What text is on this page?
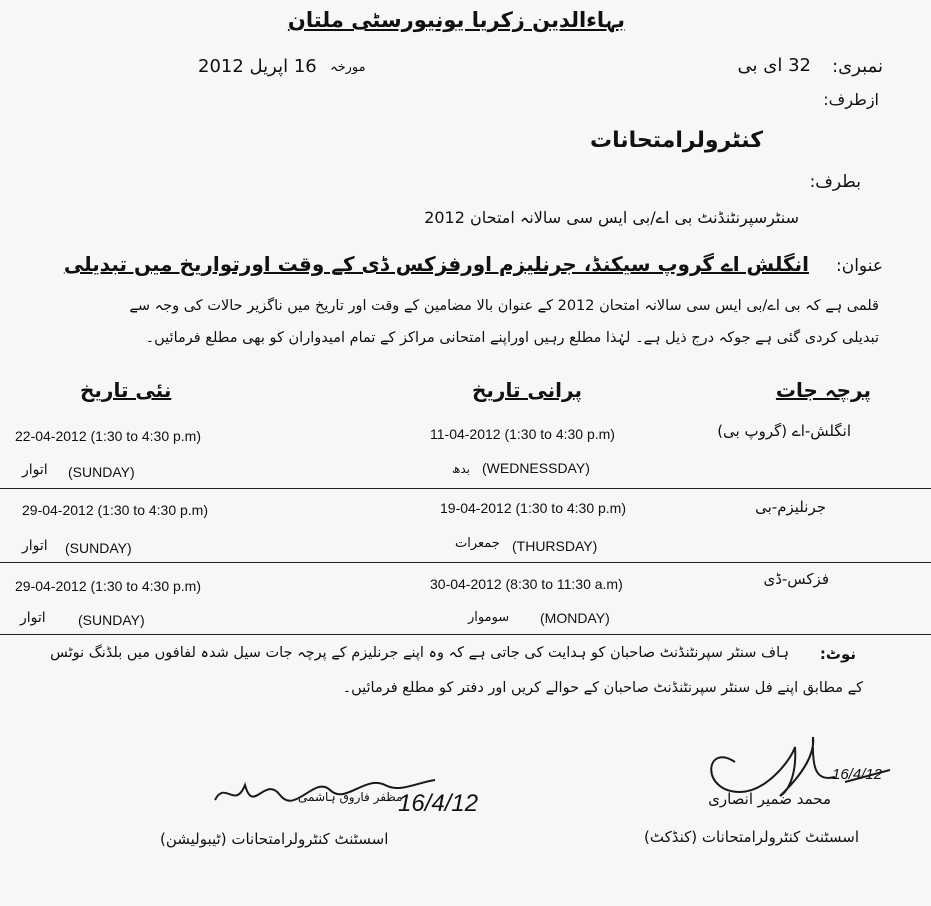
بہاءالدین زکریا یونیورسٹی ملتان
نمبری:
32 ای بی
مورخہ
16 اپریل 2012
ازطرف:
کنٹرولرامتحانات
بطرف:
سنٹرسپرنٹنڈنٹ بی اے/بی ایس سی سالانہ امتحان 2012
عنوان:
انگلش اے گروپ سیکنڈ، جرنلیزم اورفزکس ڈی کے وقت اورتواریخ میں تبدیلی
قلمی ہے کہ بی اے/بی ایس سی سالانہ امتحان 2012 کے عنوان بالا مضامین کے وقت اور تاریخ میں ناگزیر حالات کی وجہ سے
تبدیلی کردی گئی ہے جوکہ درج ذیل ہے۔ لہٰذا مطلع رہیں اوراپنے امتحانی مراکز کے تمام امیدواران کو بھی مطلع فرمائیں۔
پرچہ جات
پرانی تاریخ
نئی تاریخ
انگلش-اے (گروپ بی)
11-04-2012 (1:30 to 4:30 p.m)
22-04-2012 (1:30 to 4:30 p.m)
بدھ (WEDNESSDAY)
(SUNDAY)
اتوار
جرنلیزم-بی
19-04-2012 (1:30 to 4:30 p.m)
29-04-2012 (1:30 to 4:30 p.m)
جمعرات (THURSDAY)
(SUNDAY)
اتوار
فزکس-ڈی
30-04-2012 (8:30 to 11:30 a.m)
29-04-2012 (1:30 to 4:30 p.m)
سوموار (MONDAY)
(SUNDAY)
اتوار
نوٹ:
ہاف سنٹر سپرنٹنڈنٹ صاحبان کو ہدایت کی جاتی ہے کہ وہ اپنے جرنلیزم کے پرچہ جات سیل شدہ لفافوں میں بلڈنگ نوٹس
کے مطابق اپنے فل سنٹر سپرنٹنڈنٹ صاحبان کے حوالے کریں اور دفتر کو مطلع فرمائیں۔
16/4/12
محمد ضمیر انصاری
اسسٹنٹ کنٹرولرامتحانات (کنڈکٹ)
مظفر فاروق ہاشمی
16/4/12
اسسٹنٹ کنٹرولرامتحانات (ٹیبولیشن)
